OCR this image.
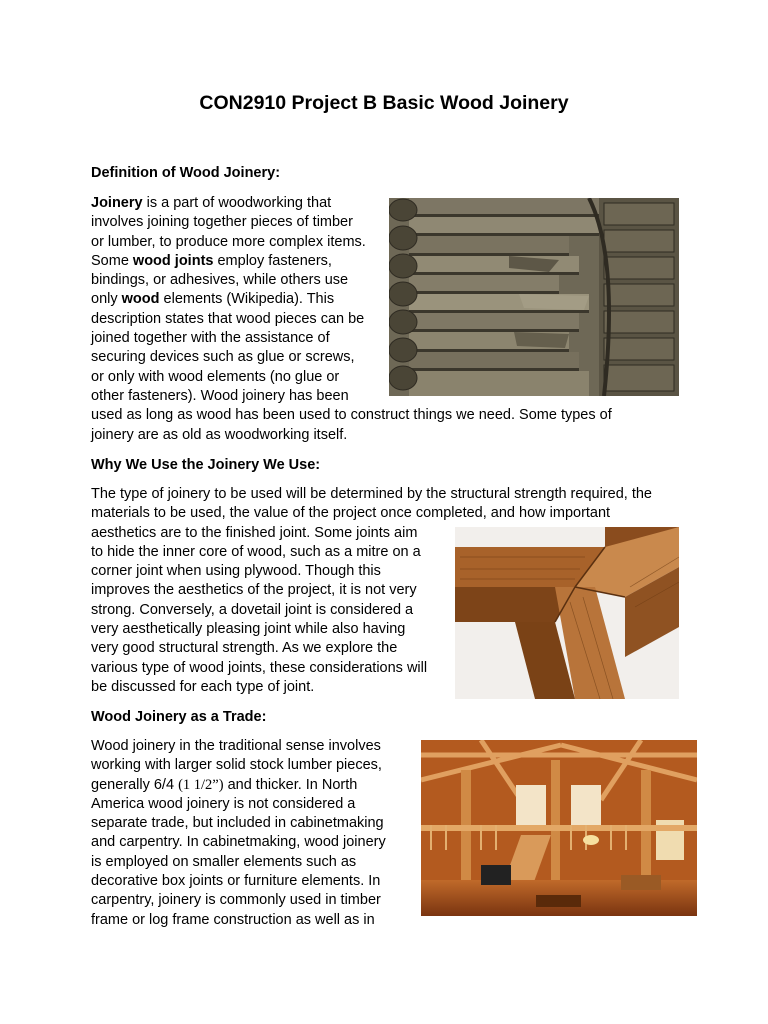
CON2910 Project B Basic Wood Joinery
Definition of Wood Joinery:
Joinery is a part of woodworking that
involves joining together pieces of timber
or lumber, to produce more complex items.
Some wood joints employ fasteners,
bindings, or adhesives, while others use
only wood elements (Wikipedia). This
description states that wood pieces can be
joined together with the assistance of
securing devices such as glue or screws,
or only with wood elements (no glue or
other fasteners). Wood joinery has been
used as long as wood has been used to construct things we need. Some types of
joinery are as old as woodworking itself.
Why We Use the Joinery We Use:
The type of joinery to be used will be determined by the structural strength required, the
materials to be used, the value of the project once completed, and how important
aesthetics are to the finished joint. Some joints aim
to hide the inner core of wood, such as a mitre on a
corner joint when using plywood. Though this
improves the aesthetics of the project, it is not very
strong. Conversely, a dovetail joint is considered a
very aesthetically pleasing joint while also having
very good structural strength. As we explore the
various type of wood joints, these considerations will
be discussed for each type of joint.
Wood Joinery as a Trade:
Wood joinery in the traditional sense involves
working with larger solid stock lumber pieces,
generally 6/4 (1 1/2”) and thicker. In North
America wood joinery is not considered a
separate trade, but included in cabinetmaking
and carpentry. In cabinetmaking, wood joinery
is employed on smaller elements such as
decorative box joints or furniture elements. In
carpentry, joinery is commonly used in timber
frame or log frame construction as well as in
